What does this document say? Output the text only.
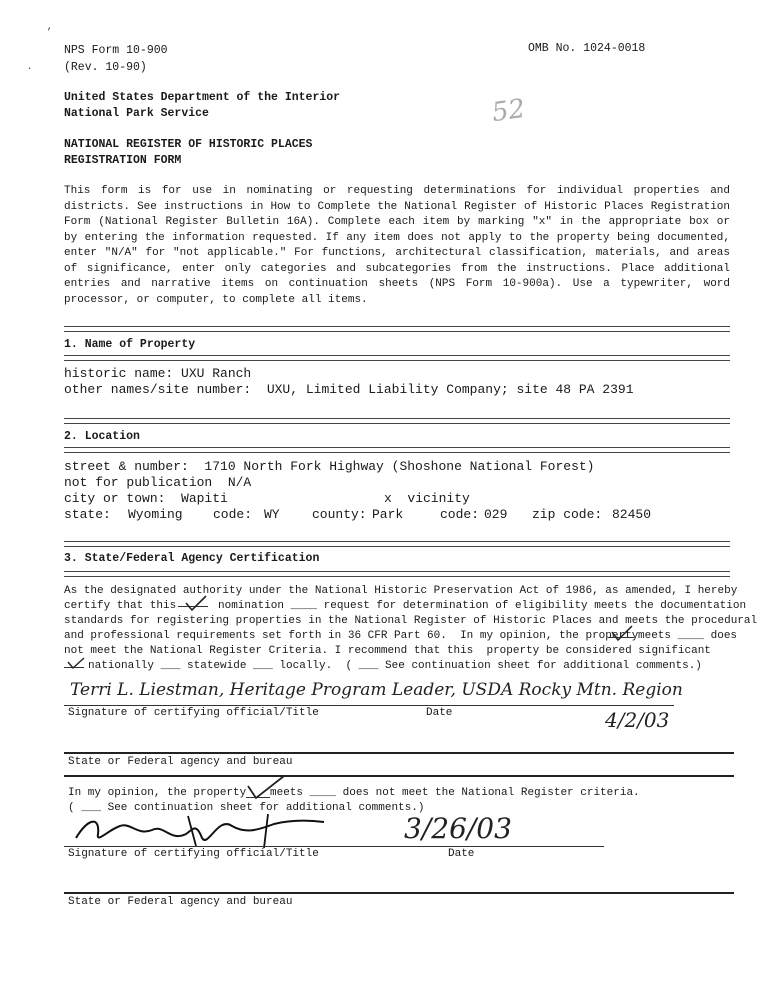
,
.
NPS Form 10-900
(Rev. 10-90)
OMB No. 1024-0018
United States Department of the Interior
National Park Service	52
NATIONAL REGISTER OF HISTORIC PLACES
REGISTRATION FORM
This form is for use in nominating or requesting determinations for individual properties and districts. See instructions in How to Complete the National Register of Historic Places Registration Form (National Register Bulletin 16A). Complete each item by marking "x" in the appropriate box or by entering the information requested. If any item does not apply to the property being documented, enter "N/A" for "not applicable." For functions, architectural classification, materials, and areas of significance, enter only categories and subcategories from the instructions. Place additional entries and narrative items on continuation sheets (NPS Form 10-900a). Use a typewriter, word processor, or computer, to complete all items.
1. Name of Property
historic name: UXU Ranch
other names/site number:  UXU, Limited Liability Company; site 48 PA 2391
2. Location
street & number:  1710 North Fork Highway (Shoshone National Forest)
not for publication  N/A
city or town:  Wapiti	x  vicinity
state: Wyoming code: WY county: Park	code: 029 zip code: 82450
3. State/Federal Agency Certification
As the designated authority under the National Historic Preservation Act of 1986, as amended, I hereby
certify that this	nomination ____ request for determination of eligibility meets the documentation
standards for registering properties in the National Register of Historic Places and meets the procedural
and professional requirements set forth in 36 CFR Part 60.  In my opinion, the property meets ____ does
not meet the National Register Criteria. I recommend that this  property be considered significant
nationally ___ statewide ___ locally.  ( ___ See continuation sheet for additional comments.)
Terri L. Liestman, Heritage Program Leader, USDA Rocky Mtn. Region
Signature of certifying official/Title	Date	4/2/03
State or Federal agency and bureau
In my opinion, the property meets ____ does not meet the National Register criteria.
( ___ See continuation sheet for additional comments.)
3/26/03
Signature of certifying official/Title	Date
State or Federal agency and bureau
